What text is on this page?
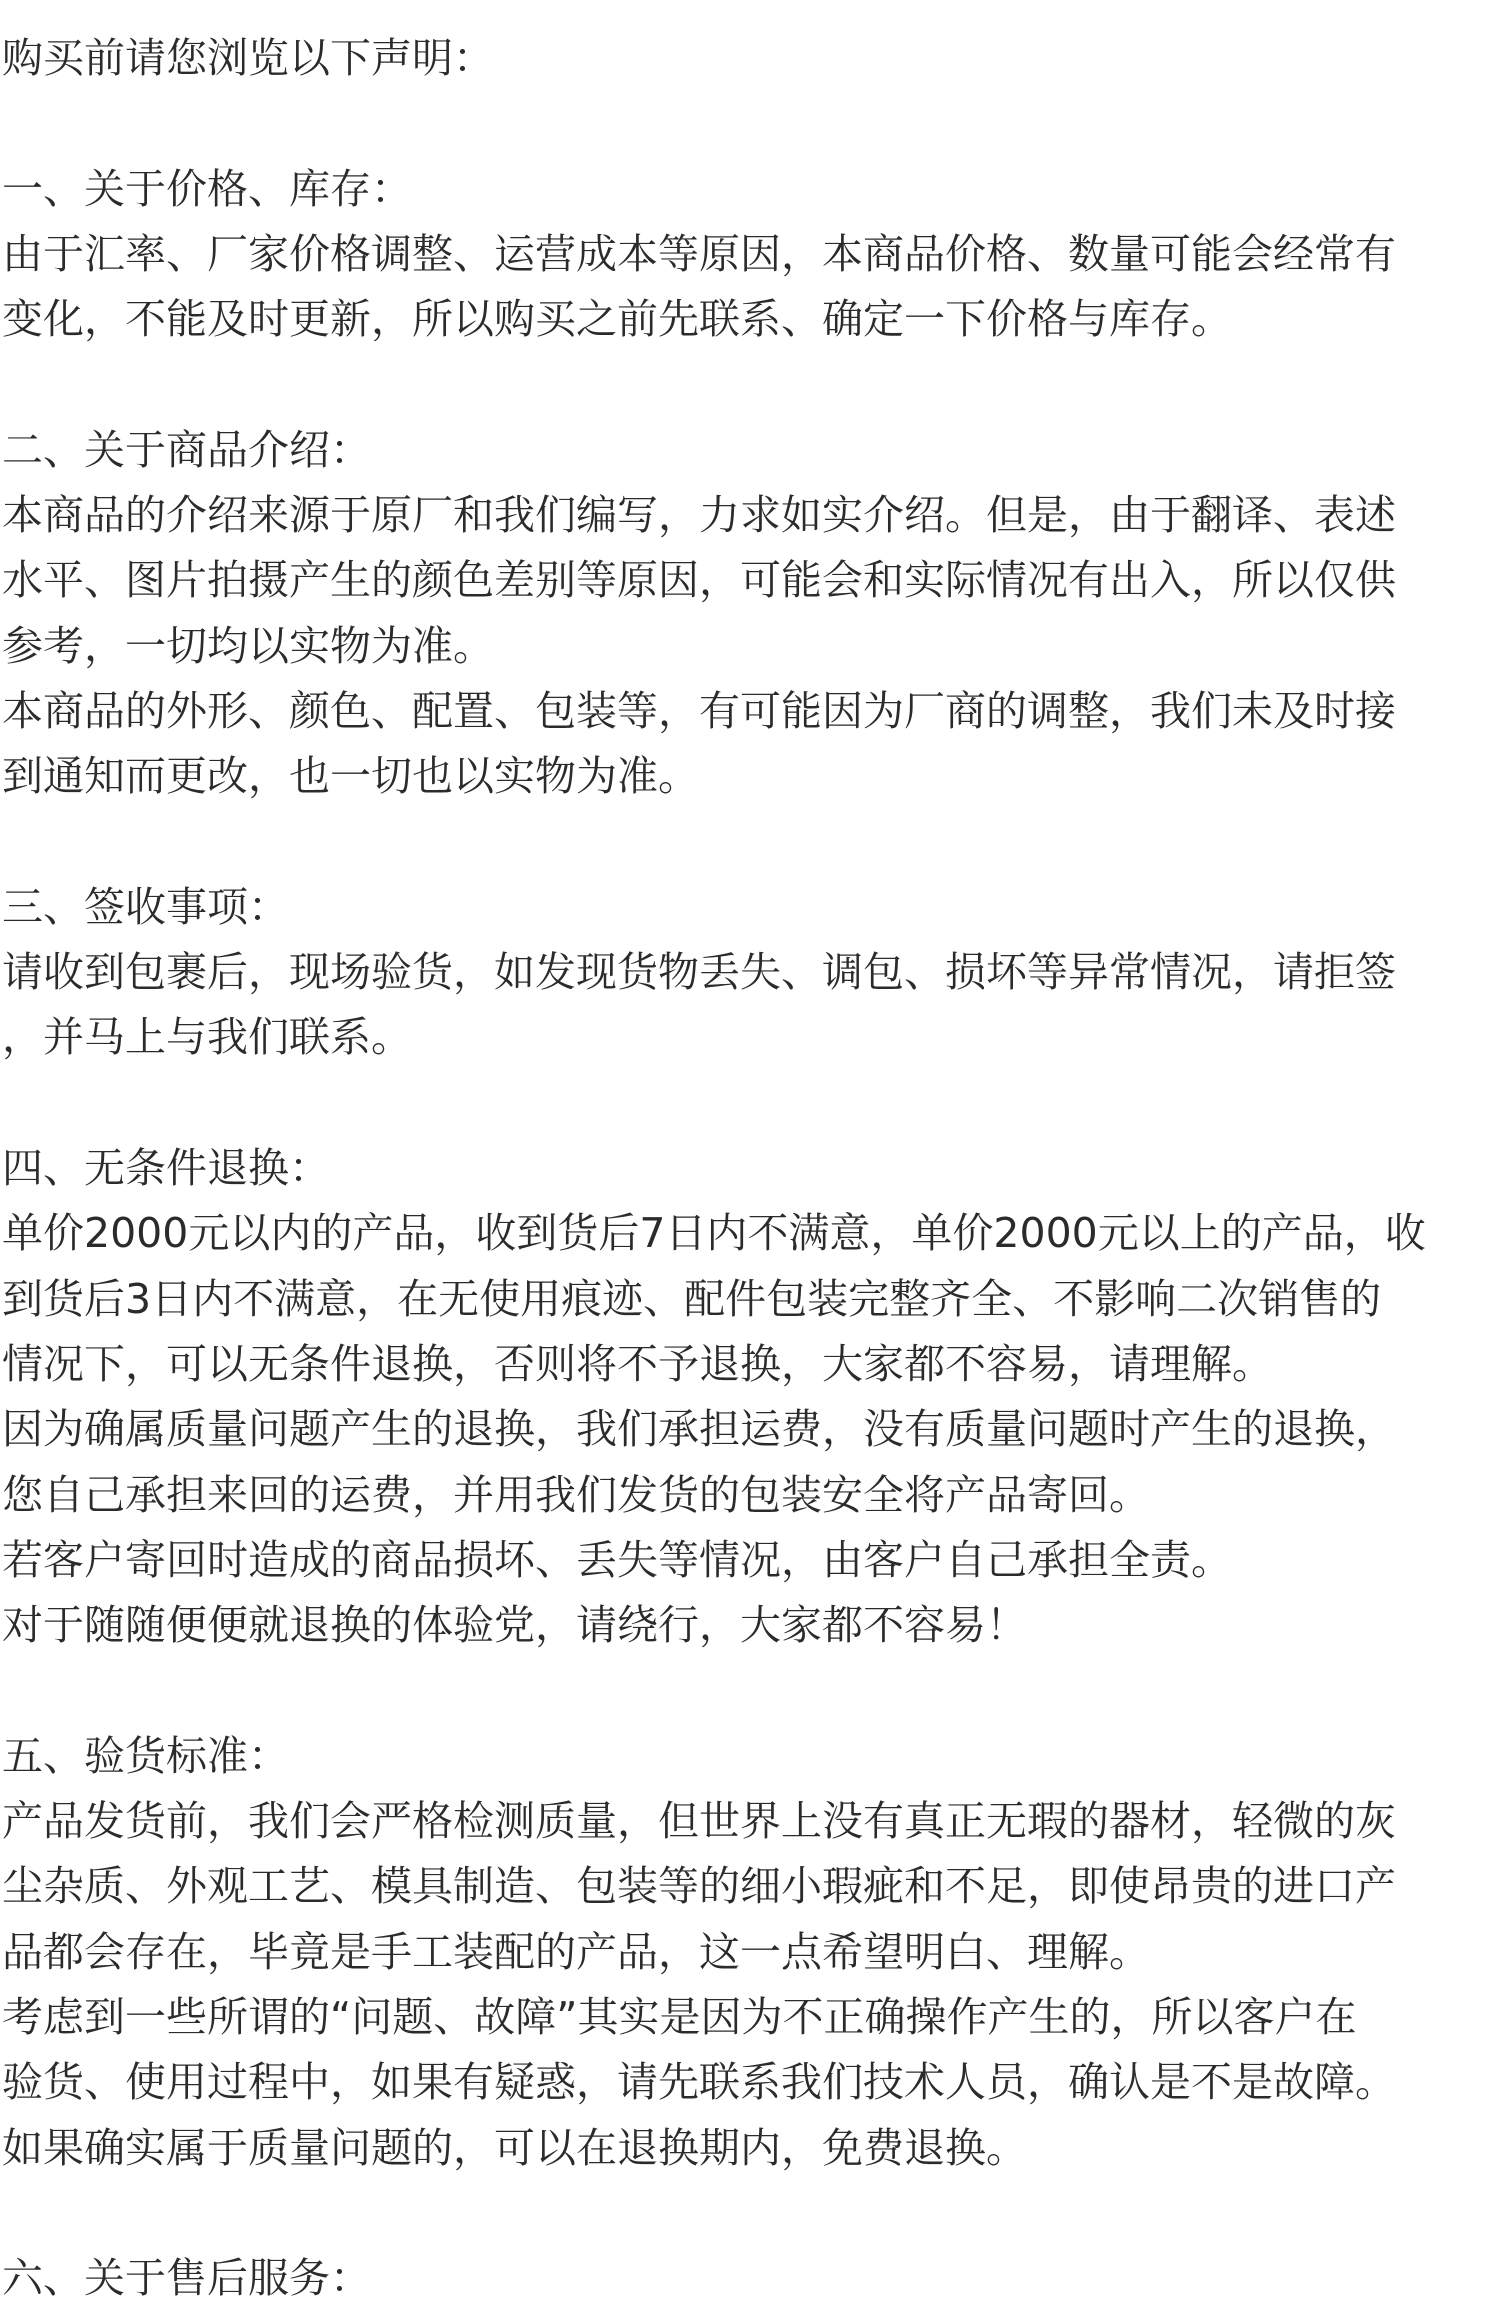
购买前请您浏览以下声明：
一、关于价格、库存：
由于汇率、厂家价格调整、运营成本等原因，本商品价格、数量可能会经常有
变化，不能及时更新，所以购买之前先联系、确定一下价格与库存。
二、关于商品介绍：
本商品的介绍来源于原厂和我们编写，力求如实介绍。但是，由于翻译、表述
水平、图片拍摄产生的颜色差别等原因，可能会和实际情况有出入，所以仅供
参考，一切均以实物为准。
本商品的外形、颜色、配置、包装等，有可能因为厂商的调整，我们未及时接
到通知而更改，也一切也以实物为准。
三、签收事项：
请收到包裹后，现场验货，如发现货物丢失、调包、损坏等异常情况，请拒签
，并马上与我们联系。
四、无条件退换：
单价2000元以内的产品，收到货后7日内不满意，单价2000元以上的产品，收
到货后3日内不满意，在无使用痕迹、配件包装完整齐全、不影响二次销售的
情况下，可以无条件退换，否则将不予退换，大家都不容易，请理解。
因为确属质量问题产生的退换，我们承担运费，没有质量问题时产生的退换，
您自己承担来回的运费，并用我们发货的包装安全将产品寄回。
若客户寄回时造成的商品损坏、丢失等情况，由客户自己承担全责。
对于随随便便就退换的体验党，请绕行，大家都不容易！
五、验货标准：
产品发货前，我们会严格检测质量，但世界上没有真正无瑕的器材，轻微的灰
尘杂质、外观工艺、模具制造、包装等的细小瑕疵和不足，即使昂贵的进口产
品都会存在，毕竟是手工装配的产品，这一点希望明白、理解。
考虑到一些所谓的“问题、故障”其实是因为不正确操作产生的，所以客户在
验货、使用过程中，如果有疑惑，请先联系我们技术人员，确认是不是故障。
如果确实属于质量问题的，可以在退换期内，免费退换。
六、关于售后服务：
